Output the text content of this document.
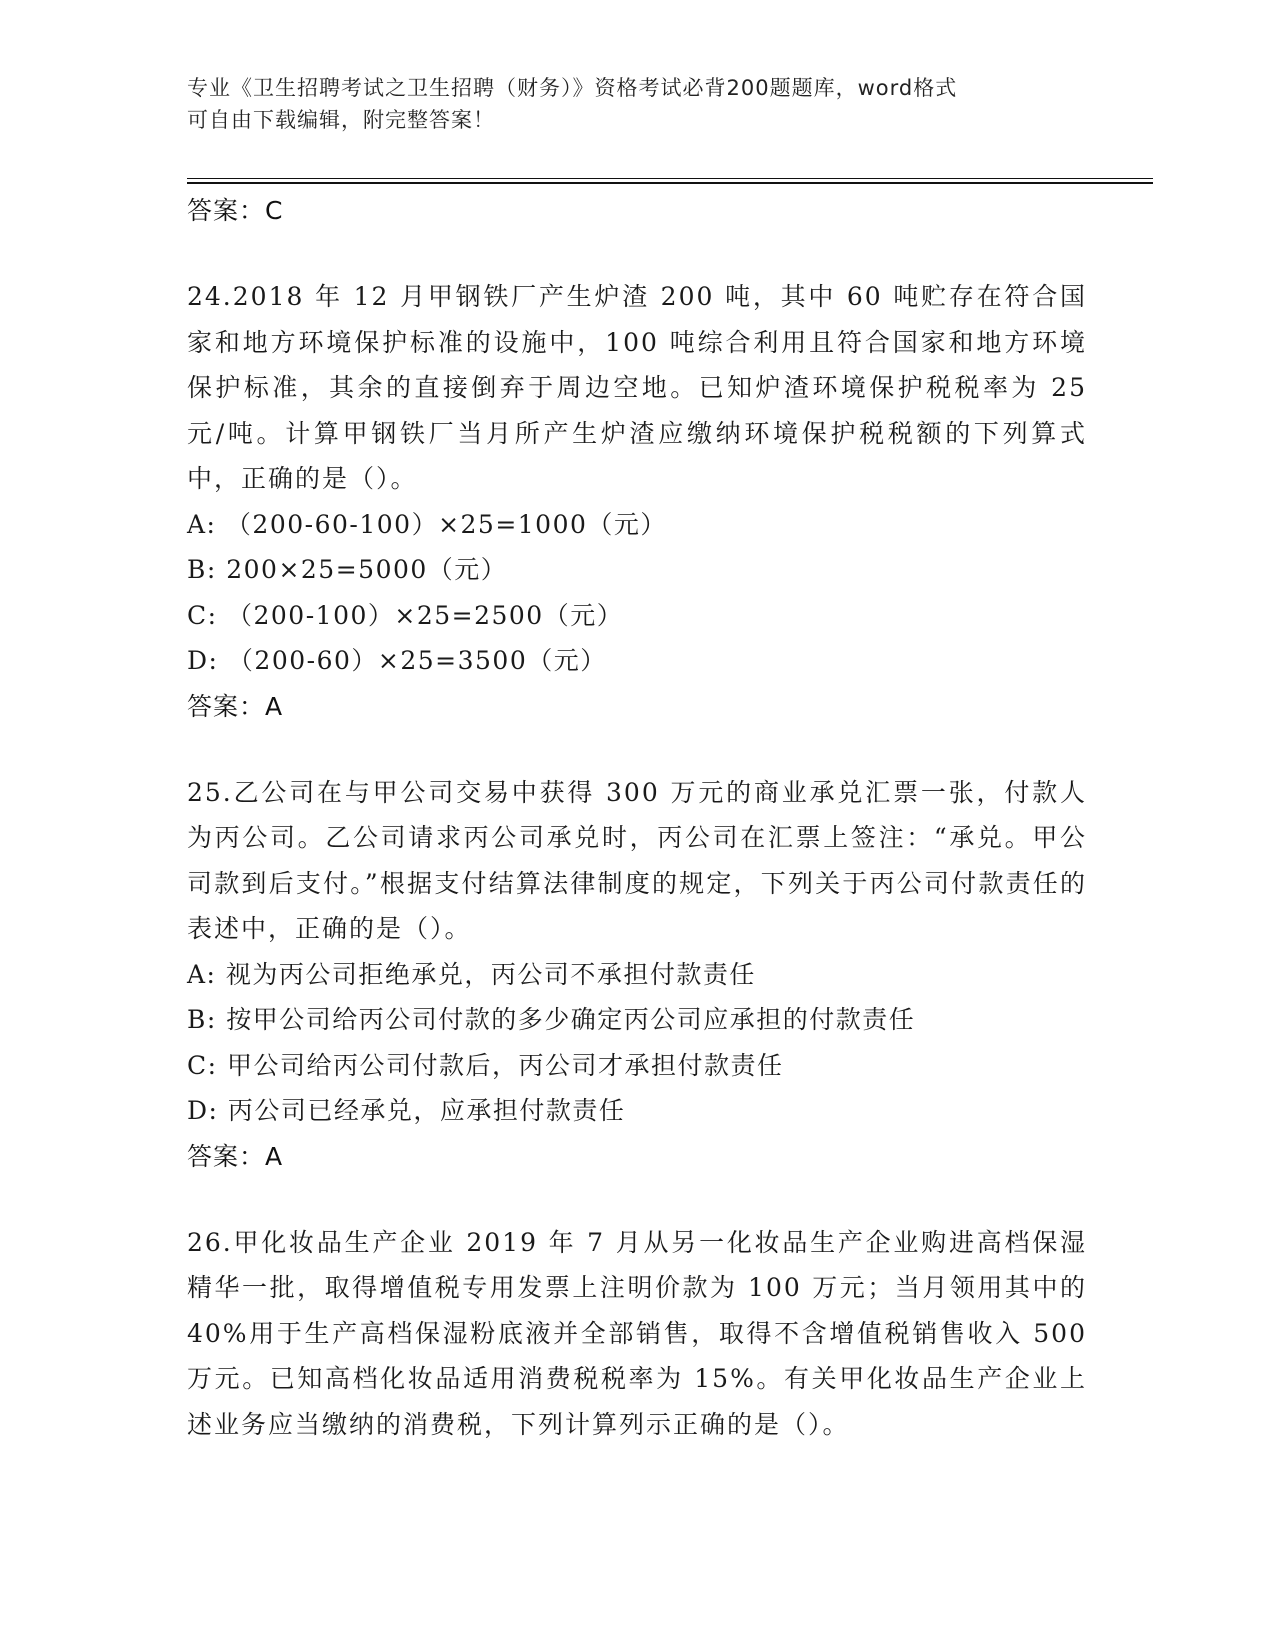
专业《卫生招聘考试之卫生招聘（财务）》资格考试必背200题题库，word格式
可自由下载编辑，附完整答案！
答案：C
24.2018 年 12 月甲钢铁厂产生炉渣 200 吨，其中 60 吨贮存在符合国家和地方环境保护标准的设施中，100 吨综合利用且符合国家和地方环境保护标准，其余的直接倒弃于周边空地。已知炉渣环境保护税税率为 25 元/吨。计算甲钢铁厂当月所产生炉渣应缴纳环境保护税税额的下列算式中，正确的是（）。
A: （200-60-100）×25=1000（元）
B: 200×25=5000（元）
C: （200-100）×25=2500（元）
D: （200-60）×25=3500（元）
答案：A
25.乙公司在与甲公司交易中获得 300 万元的商业承兑汇票一张，付款人为丙公司。乙公司请求丙公司承兑时，丙公司在汇票上签注：“承兑。甲公司款到后支付。”根据支付结算法律制度的规定，下列关于丙公司付款责任的表述中，正确的是（）。
A: 视为丙公司拒绝承兑，丙公司不承担付款责任
B: 按甲公司给丙公司付款的多少确定丙公司应承担的付款责任
C: 甲公司给丙公司付款后，丙公司才承担付款责任
D: 丙公司已经承兑，应承担付款责任
答案：A
26.甲化妆品生产企业 2019 年 7 月从另一化妆品生产企业购进高档保湿精华一批，取得增值税专用发票上注明价款为 100 万元；当月领用其中的 40%用于生产高档保湿粉底液并全部销售，取得不含增值税销售收入 500 万元。已知高档化妆品适用消费税税率为 15%。有关甲化妆品生产企业上述业务应当缴纳的消费税，下列计算列示正确的是（）。
